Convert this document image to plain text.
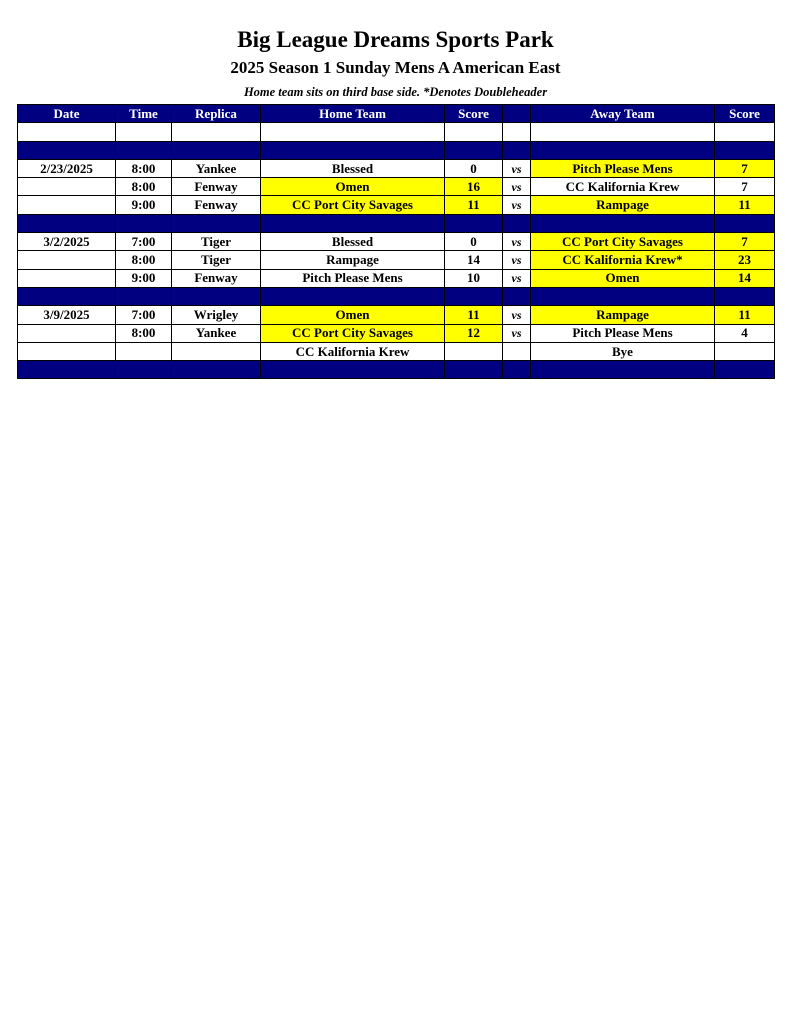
Big League Dreams Sports Park
2025 Season 1 Sunday Mens A American East
Home team sits on third base side. *Denotes Doubleheader
Date	Time	Replica	Home Team	Score		Away Team	Score

2/23/2025	8:00	Yankee	Blessed	0	vs	Pitch Please Mens	7
	8:00	Fenway	Omen	16	vs	CC Kalifornia Krew	7
	9:00	Fenway	CC Port City Savages	11	vs	Rampage	11

3/2/2025	7:00	Tiger	Blessed	0	vs	CC Port City Savages	7
	8:00	Tiger	Rampage	14	vs	CC Kalifornia Krew*	23
	9:00	Fenway	Pitch Please Mens	10	vs	Omen	14

3/9/2025	7:00	Wrigley	Omen	11	vs	Rampage	11
	8:00	Yankee	CC Port City Savages	12	vs	Pitch Please Mens	4
			CC Kalifornia Krew			Bye	
